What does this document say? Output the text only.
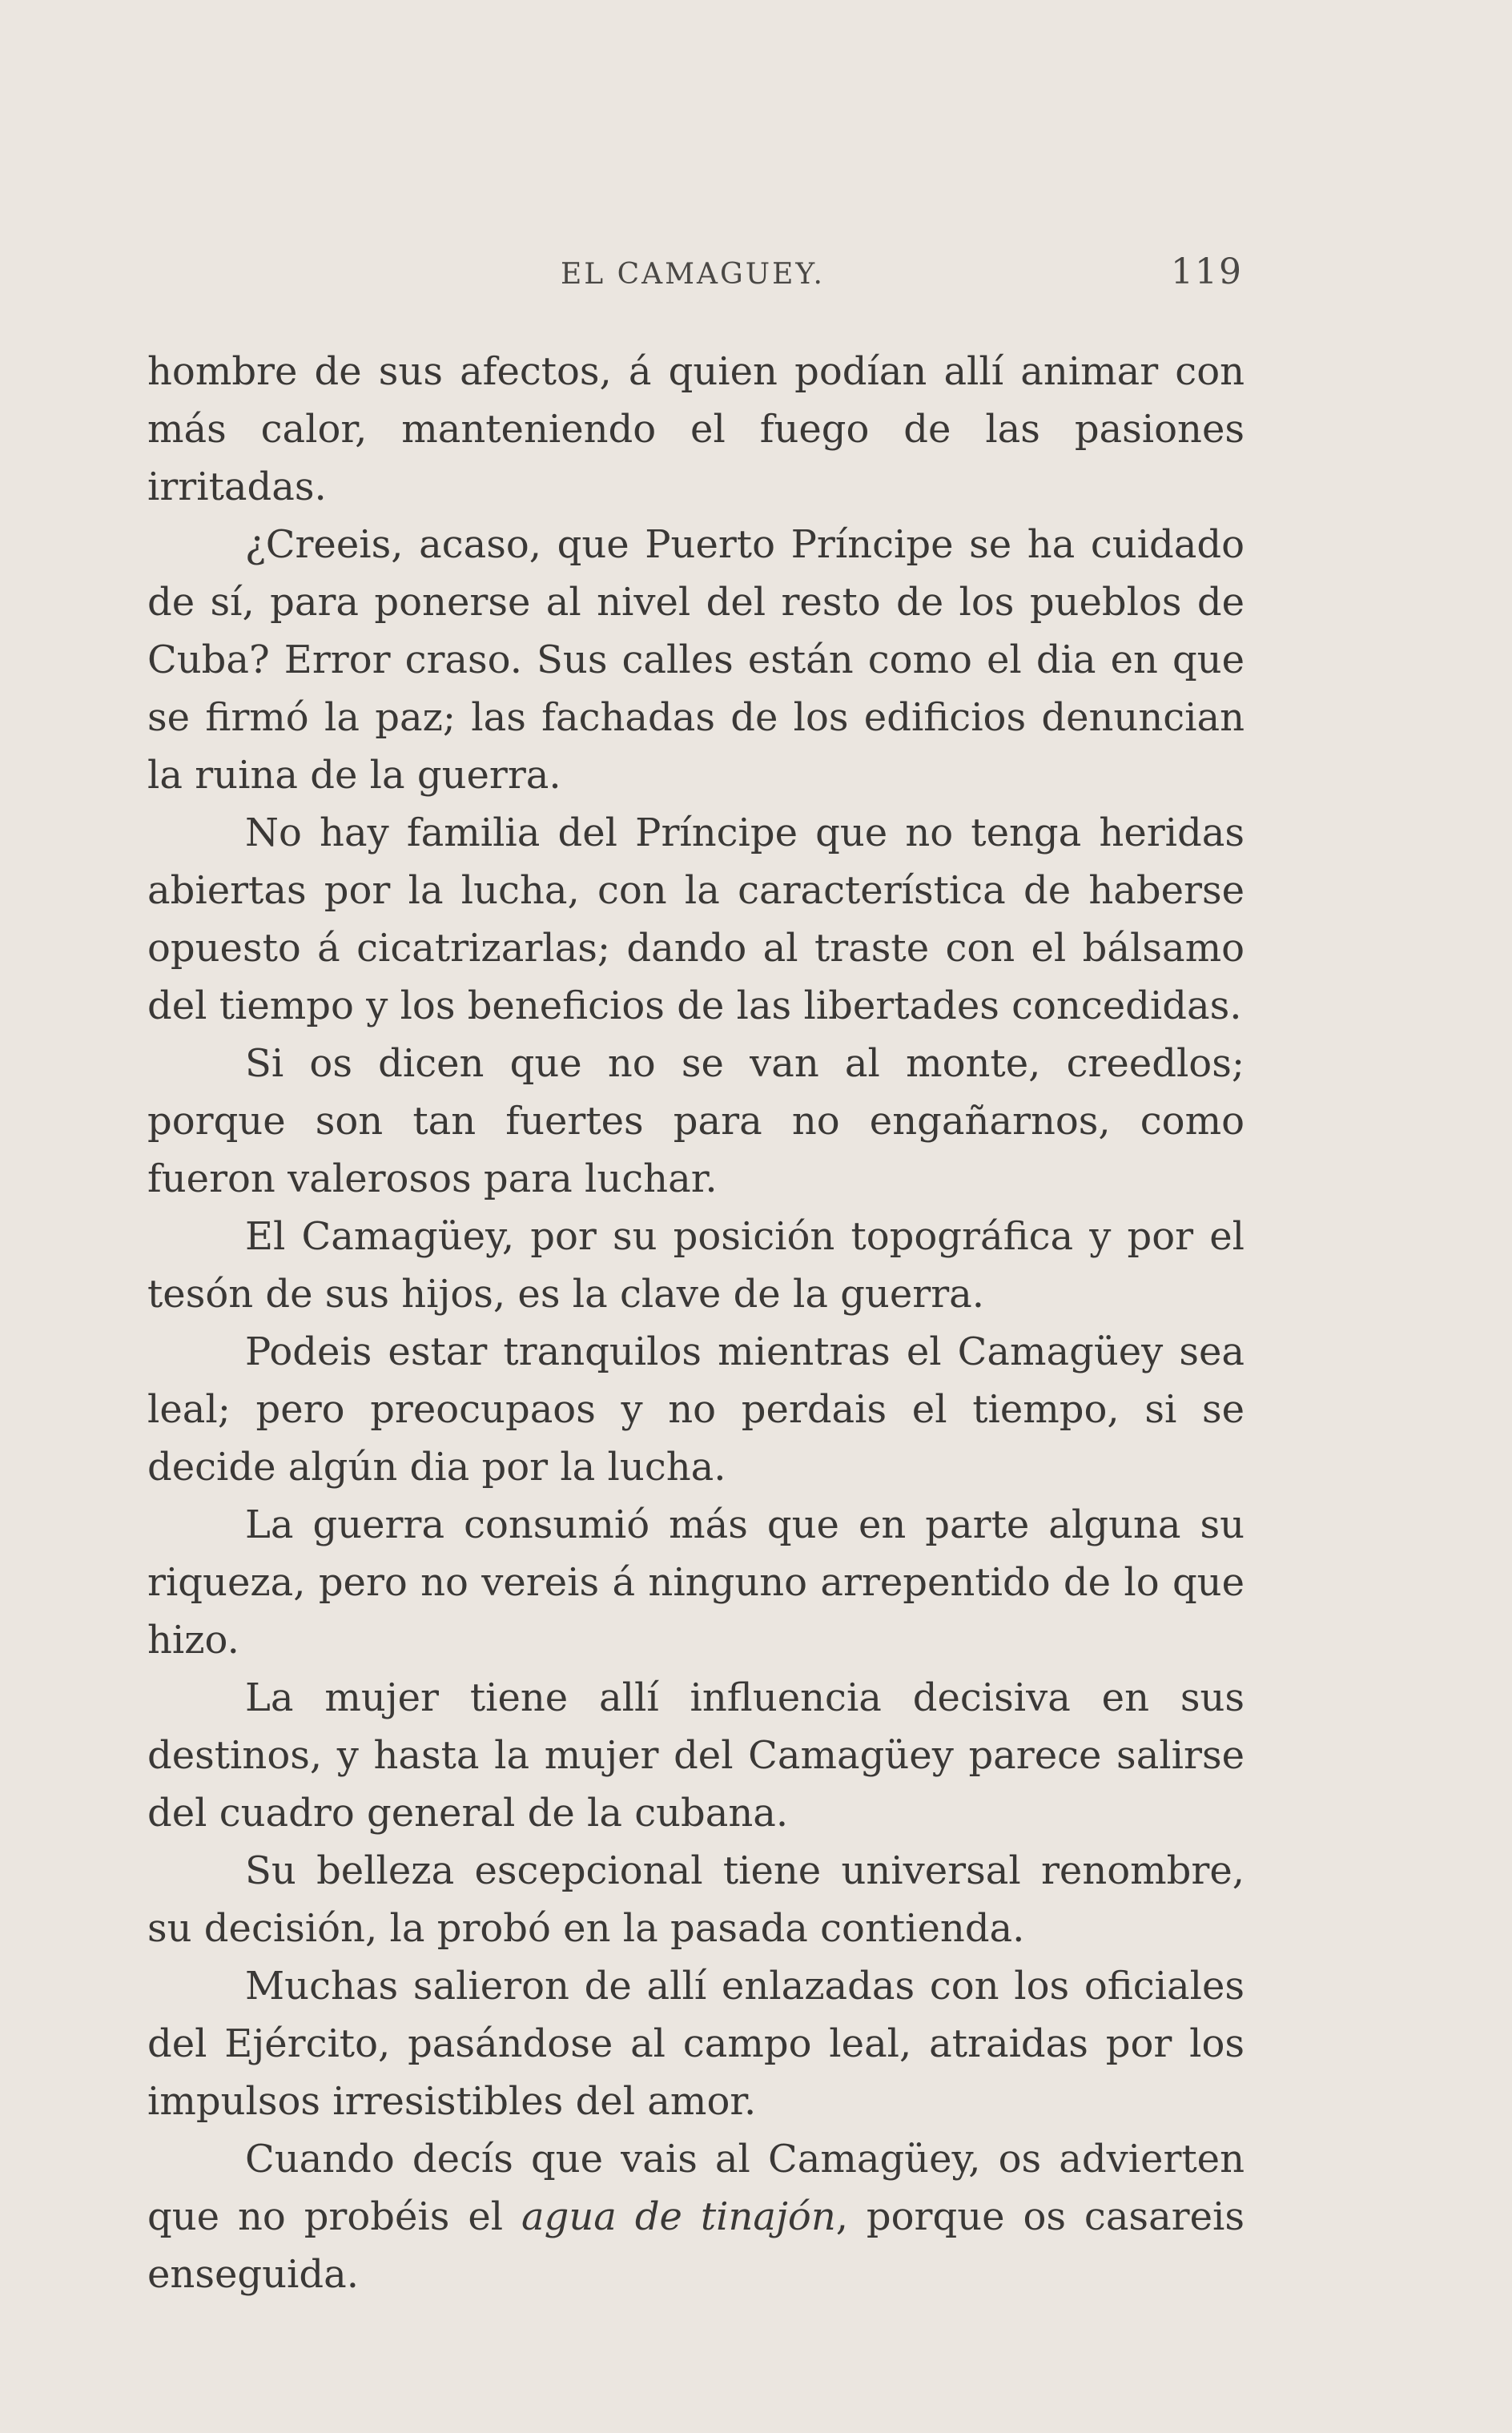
EL CAMAGUEY.	119

hombre de sus afectos, á quien podían allí animar con más calor, manteniendo el fuego de las pasiones irritadas.

¿Creeis, acaso, que Puerto Príncipe se ha cuidado de sí, para ponerse al nivel del resto de los pueblos de Cuba? Error craso. Sus calles están como el dia en que se firmó la paz; las fachadas de los edificios denuncian la ruina de la guerra.

No hay familia del Príncipe que no tenga heridas abiertas por la lucha, con la característica de haberse opuesto á cicatrizarlas; dando al traste con el bálsamo del tiempo y los beneficios de las libertades concedidas.

Si os dicen que no se van al monte, creedlos; porque son tan fuertes para no engañarnos, como fueron valerosos para luchar.

El Camagüey, por su posición topográfica y por el tesón de sus hijos, es la clave de la guerra.

Podeis estar tranquilos mientras el Camagüey sea leal; pero preocupaos y no perdais el tiempo, si se decide algún dia por la lucha.

La guerra consumió más que en parte alguna su riqueza, pero no vereis á ninguno arrepentido de lo que hizo.

La mujer tiene allí influencia decisiva en sus destinos, y hasta la mujer del Camagüey parece salirse del cuadro general de la cubana.

Su belleza escepcional tiene universal renombre, su decisión, la probó en la pasada contienda.

Muchas salieron de allí enlazadas con los oficiales del Ejército, pasándose al campo leal, atraidas por los impulsos irresistibles del amor.

Cuando decís que vais al Camagüey, os advierten que no probéis el agua de tinajón, porque os casareis enseguida.
